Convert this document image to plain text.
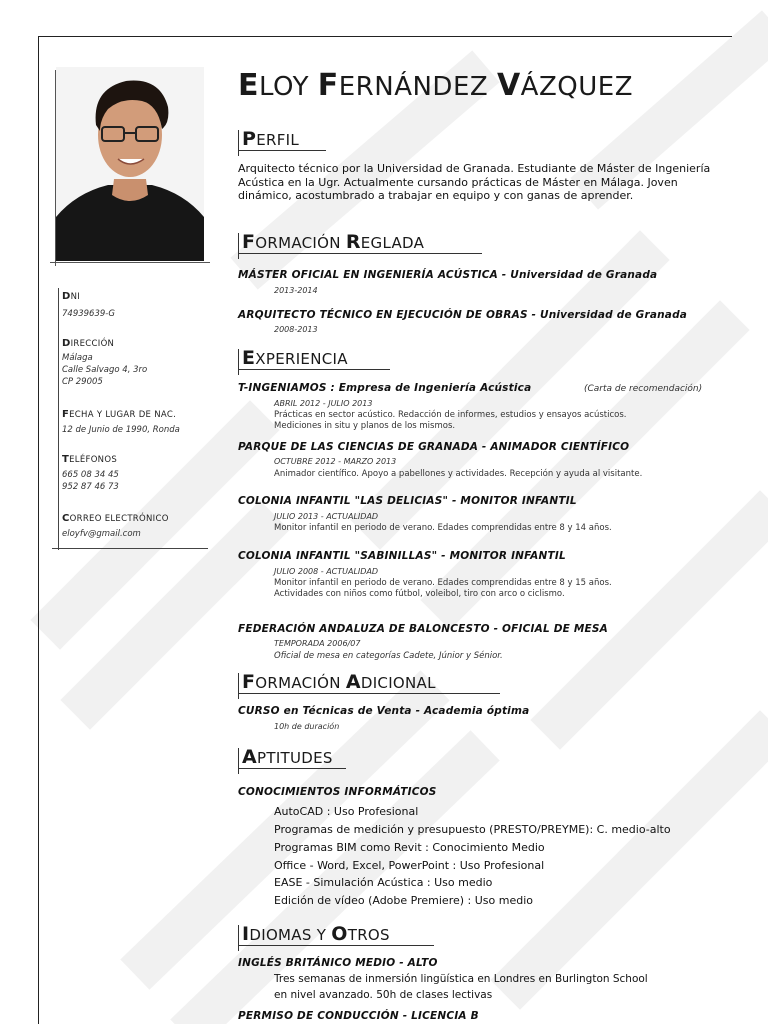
DNI
74939639-G
DIRECCIÓN
Málaga
Calle Salvago 4, 3ro
CP 29005
FECHA Y LUGAR DE NAC.
12 de Junio de 1990, Ronda
TELÉFONOS
665 08 34 45
952 87 46 73
CORREO ELECTRÓNICO
eloyfv@gmail.com
ELOY FERNÁNDEZ VÁZQUEZ
PERFIL
Arquitecto técnico por la Universidad de Granada. Estudiante de Máster de Ingeniería Acústica en la Ugr. Actualmente cursando prácticas de Máster en Málaga. Joven dinámico, acostumbrado a trabajar en equipo y con ganas de aprender.
FORMACIÓN REGLADA
MÁSTER OFICIAL EN INGENIERÍA ACÚSTICA - Universidad de Granada
2013-2014
ARQUITECTO TÉCNICO EN EJECUCIÓN DE OBRAS - Universidad de Granada
2008-2013
EXPERIENCIA
T-INGENIAMOS : Empresa de Ingeniería Acústica	(Carta de recomendación)
ABRIL 2012 - JULIO 2013
Prácticas en sector acústico. Redacción de informes, estudios y ensayos acústicos.
Mediciones in situ y planos de los mismos.
PARQUE DE LAS CIENCIAS DE GRANADA - ANIMADOR CIENTÍFICO
OCTUBRE 2012 - MARZO 2013
Animador científico. Apoyo a pabellones y actividades. Recepción y ayuda al visitante.
COLONIA INFANTIL "LAS DELICIAS" - MONITOR INFANTIL
JULIO 2013 - ACTUALIDAD
Monitor infantil en periodo de verano. Edades comprendidas entre 8 y 14 años.
COLONIA INFANTIL "SABINILLAS" - MONITOR INFANTIL
JULIO 2008 - ACTUALIDAD
Monitor infantil en periodo de verano. Edades comprendidas entre 8 y 15 años.
Actividades con niños como fútbol, voleibol, tiro con arco o ciclismo.
FEDERACIÓN ANDALUZA DE BALONCESTO - OFICIAL DE MESA
TEMPORADA 2006/07
Oficial de mesa en categorías Cadete, Júnior y Sénior.
FORMACIÓN ADICIONAL
CURSO en Técnicas de Venta - Academia óptima
10h de duración
APTITUDES
CONOCIMIENTOS INFORMÁTICOS
AutoCAD : Uso Profesional
Programas de medición y presupuesto (PRESTO/PREYME): C. medio-alto
Programas BIM como Revit : Conocimiento Medio
Office - Word, Excel, PowerPoint : Uso Profesional
EASE - Simulación Acústica : Uso medio
Edición de vídeo (Adobe Premiere) : Uso medio
IDIOMAS Y OTROS
INGLÉS BRITÁNICO MEDIO - ALTO
Tres semanas de inmersión lingüística en Londres en Burlington School
en nivel avanzado. 50h de clases lectivas
PERMISO DE CONDUCCIÓN - LICENCIA B
